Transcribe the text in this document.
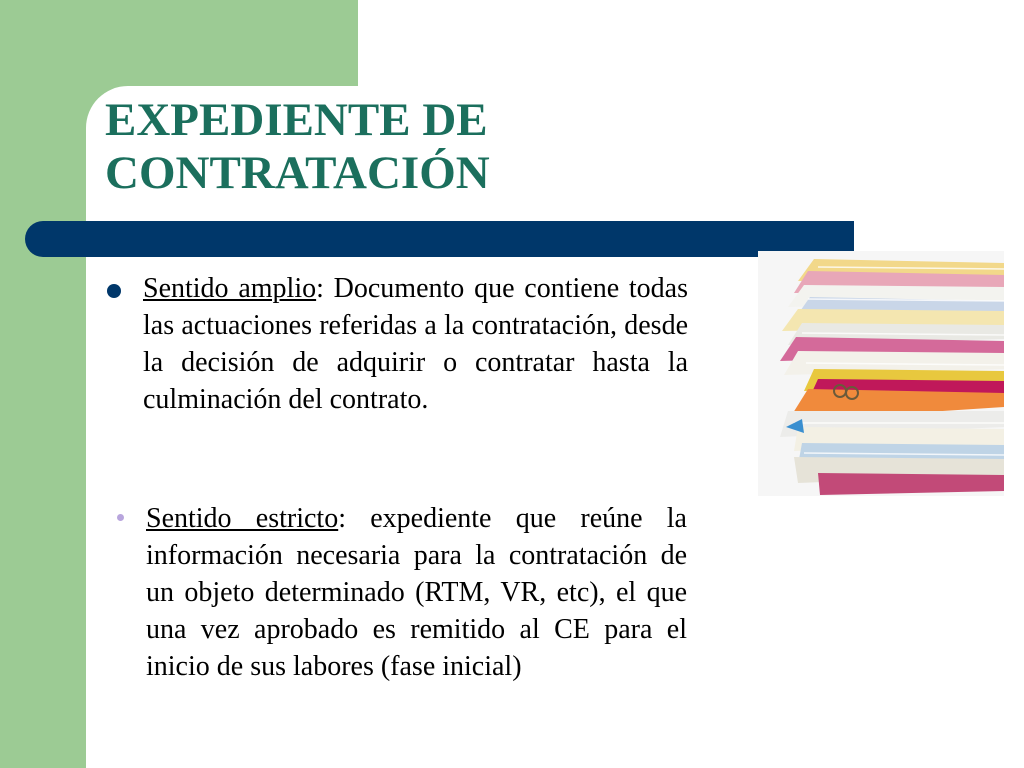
EXPEDIENTE DE
CONTRATACIÓN

Sentido amplio: Documento que contiene todas las actuaciones referidas a la contratación, desde la decisión de adquirir o contratar hasta la culminación del contrato.

Sentido estricto: expediente que reúne la información necesaria para la contratación de un objeto determinado (RTM, VR, etc), el que una vez aprobado es remitido al CE para el inicio de sus labores (fase inicial)
